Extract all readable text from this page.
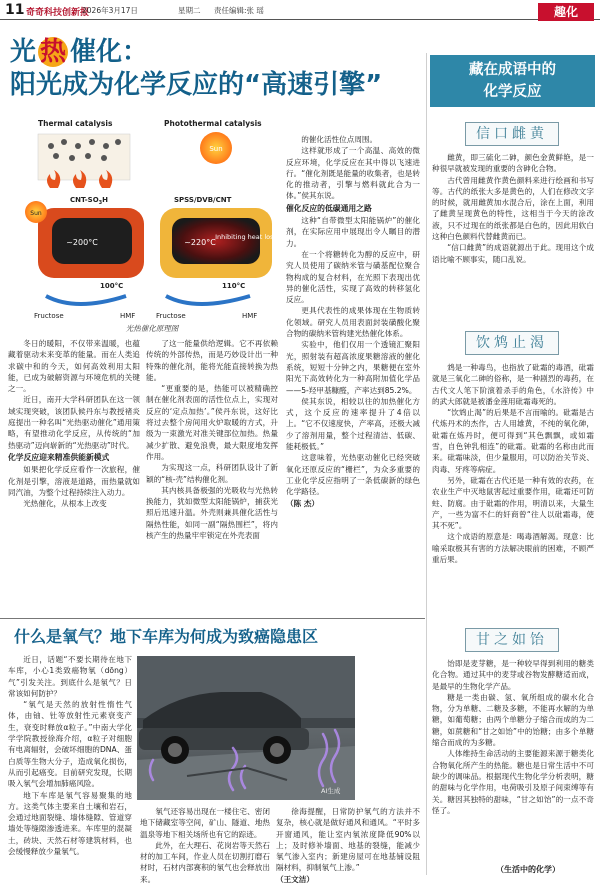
11 奇奇科技创新报
2026年3月17日	星期二 责任编辑:张 瑶	趣化
光 热 催化：
阳光成为化学反应的“高速引擎”
Thermal catalysis	Photothermal catalysis
Sun
CNT-$SO_3H$	SPSS/DVB/CNT
Sun
~200°C	~220°C
Inhibiting heat loss
100°C	110°C
Fructose	HMF	Fructose	HMF
光热催化原理图

冬日的暖阳，不仅带来温暖，也蕴藏着驱动未来变革的能量。而在人类追求碳中和的今天，如何高效利用太阳能，已成为破解资源与环境危机的关键之一。

近日，南开大学科研团队在这一领域实现突破，该团队候丹东与教授褚炎庭提出一种名叫“光热驱动催化”通用策略，有望推动化学反应，从传统的“加热驱动”迈向崭新的“光热驱动”时代。

化学反应迎来精准供能新模式

如果把化学反应看作一次旅程，催化剂是引擎，溶液是道路，而热量就如同汽油，为整个过程持续注入动力。

光热催化，从根本上改变

了这一能量供给逻辑。它不再依赖传统的外部传热，而是巧妙设计出一种特殊的催化剂，能将光能直接转换为热能。

“更重要的是，热能可以被精确控制在催化剂表面的活性位点上，实现对反应的‘定点加热’。”侯丹东说，这好比将过去整个房间用火炉取暖的方式，升级为一束激光对准关键部位加热。热量减少扩散、避免浪费，最大限度地发挥作用。

为实现这一点，科研团队设计了新颖的“核-壳”结构催化剂。

其内核具备极强的光吸收与光热转换能力，犹如微型太阳能锅炉，捕获光照后迅速升温。外壳则兼具催化活性与隔热性能，如同一副“隔热围栏”，将内核产生的热量牢牢锁定在外壳表面

的催化活性位点周围。

这样就形成了一个高温、高效的微反应环境，化学反应在其中得以飞速进行。“催化剂既是能量的收集者，也是转化的推动者，引擎与燃料就此合为一体。”侯其东说。

催化反应的低碳通用之路

这种“自带微型太阳能锅炉”的催化剂，在实际应用中展现出令人瞩目的潜力。

在一个将糖转化为醇的反应中，研究人员使用了碳纳米管与磺基配位聚合物构成的复合材料，在光照下表现出优异的催化活性，实现了高效的转移氢化反应。

更具代表性的成果体现在生物质转化领域。研究人员用表面封装磺酸化聚合物的碳纳米管构建光热催化体系。

实验中，他们仅用一个透镜汇聚阳光，照射装有超高浓度果糖溶液的催化系统，短短十分钟之内，果糖便在室外阳光下高效转化为一种高附加值化学品——5-羟甲基糠醛，产率达到85.2%。

侯其东说，相较以往的加热催化方式，这个反应的速率提升了4倍以上。“它不仅速度快，产率高，还极大减少了溶剂用量，整个过程清洁、低碳、能耗极低。”

这意味着，光热驱动催化已经突破氧化还原反应的“栅栏”，为众多重要的工业化学反应指明了一条低碳新的绿色化学路径。

（陈 杰）

什么是氧气？地下车库为何成为致癌隐患区

近日，话题“不要长期待在地下车库，小心1类致癌物氡（dōng）气”引发关注。到底什么是氡气？日常该如何防护？

“氡气是天然的放射性惰性气体，由铀、钍等放射性元素衰变产生，衰变时释放α粒子。”中南大学化学学院教授徐海介绍，α粒子对细胞有电离辐射，会破坏细胞的DNA、蛋白质等生物大分子，造成氧化损伤，从而引起癌变。目前研究发现，长期吸入氡气会增加肺癌风险。

地下车库是氡气容易聚集的地方。这类气体主要来自土壤和岩石，会通过地面裂缝、墙体缝隙、管道穿墙处等缝隙渗透进来。车库里的混凝土，砖块、天然石材等建筑材料，也会缓慢释放少量氡气。

AI生成

氡气还容易出现在一楼住宅、密闭地下储藏室等空间，矿山、隧道、地热温泉等地下相关场所也有它的踪迹。

此外，在大理石、花岗岩等天然石材的加工车间，作业人员在切割打磨石材时，石材内部赛积的氡气也会释放出来。

徐海提醒，日常防护氡气的方法并不复杂，核心就是做好通风和通风。“平时多开窗通风，能让室内氡浓度降低90%以上；及时修补墙面、地基的裂缝，能减少氡气渗入室内；新建房屋可在地基铺设阻隔材料，抑制氡气上渗。”

（王文洁）

藏在成语中的
化学反应
信口雌黄

雌黄，即三硫化二砷，颜色金黄鲜艳，是一种很早就被发现的重要的含砷化合物。

古代曾用雌黄作黄色颜料来进行绘画和书写等。古代的纸张大多是黄色的，人们在修改文字的时候，就用雌黄加水混合后，涂在上面，利用了雌黄呈现黄色的特性，这相当于今天的涂改液，只不过现在的纸张都是白色的，因此用软白这种白色颜料代替雌黄而已。

“信口雌黄”的成语就源出于此。现用这个成语比喻不顾事实，随口乱说。

饮鸩止渴

鸩是一种毒鸟，也指放了砒霜的毒酒，砒霜就是三氧化二砷的俗称，是一种剧烈的毒药，在古代文人笔下阶演着杀手的角色，《水浒传》中的武大郎就是被潘金莲用砒霜毒死的。

“饮鸩止渴”的后果是不言而喻的。砒霜是古代炼丹术的杰作，古人用雄黄，不纯的氧化砷，砒霜在炼丹时，便可得到“其色飘飘，或如霜雪，自色钟乳相连”的砒霜。砒霜的名称由此而来。砒霜味淡，但少量服用，可以防治关节炎、肉毒、牙疼等病症。

另外，砒霜在古代还是一种有效的农药，在农业生产中灭地鼠害起过重要作用，砒霜还可防蛀、防腐。由于砒霜的作用，明清以来，大量生产，一些为富不仁的奸商曾“往人以砒霜毒，使其不死”。

这个成语的原意是：喝毒酒解渴。现意：比喻采取极其有害的方法解决眼前的困难，不顾严重后果。

甘之如饴

饴即是麦芽糖，是一种较早得到利用的糖类化合物。通过其中的麦芽或谷物发酵糖适而成，是最早的生物化学产品。

糖是一类由碳、氢、氧所组成的碳水化合物，分为单糖、二糖及多糖，不能再水解的为单糖，如葡萄糖；由两个单糖分子缩合而成的为二糖，如蔗糖和“甘之如饴”中的饴糖；由多个单糖缩合而成的为多糖。

人体维持生命活动的主要能源来源于糖类化合物氧化所产生的热能。糖也是日常生活中不可缺少的调味品。根据现代生物化学分析表明，糖的甜味与化学作用，电荷吸引及原子间束缚等有关。糖因其独特的甜味，“甘之如饴”的一点不奇怪了。

（生活中的化学）
